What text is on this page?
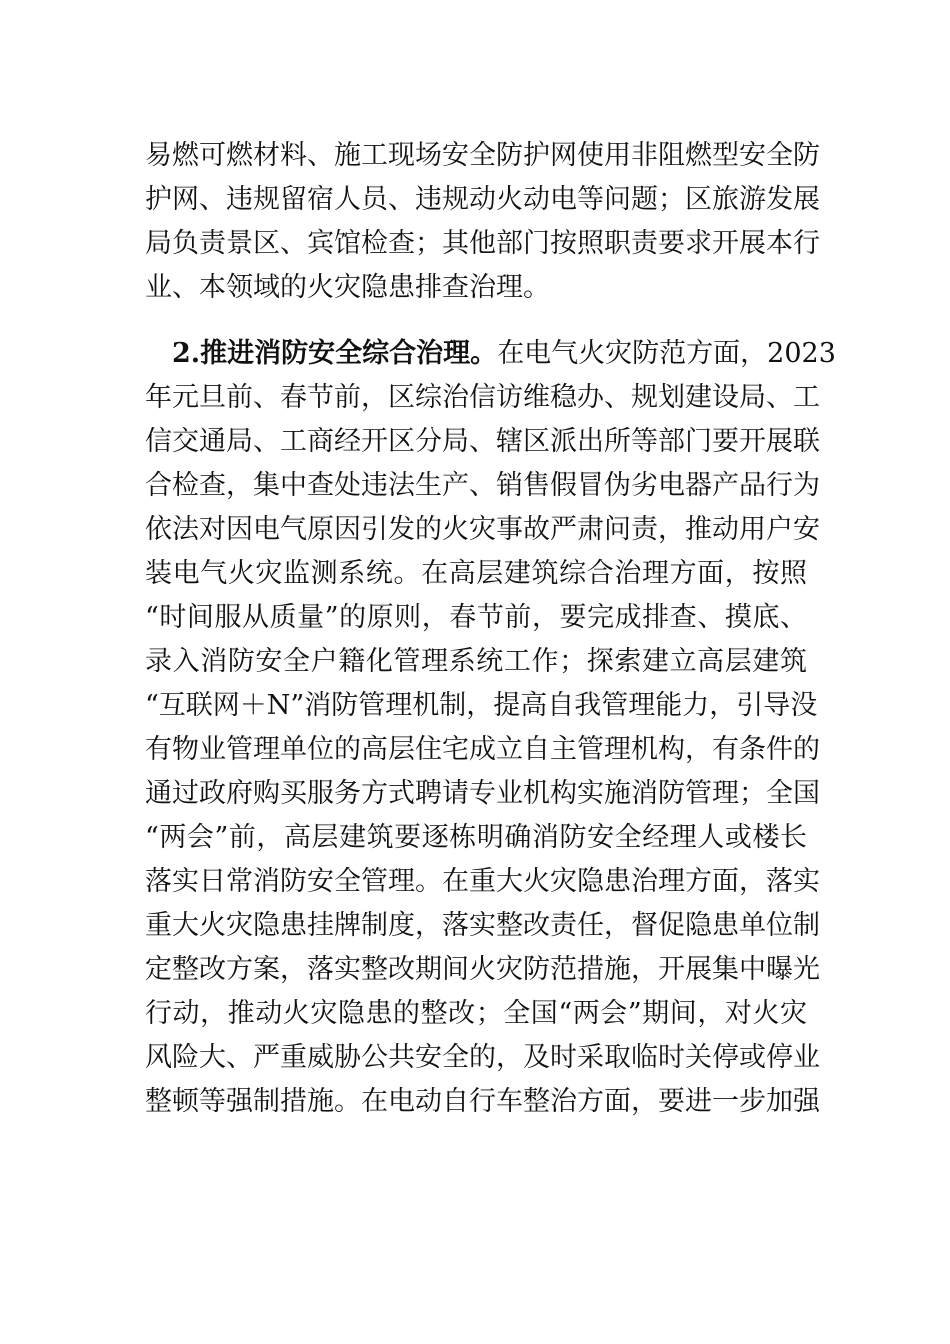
易燃可燃材料、施工现场安全防护网使用非阻燃型安全防
护网、违规留宿人员、违规动火动电等问题；区旅游发展
局负责景区、宾馆检查；其他部门按照职责要求开展本行
业、本领域的火灾隐患排查治理。
2.推进消防安全综合治理。在电气火灾防范方面，2023
年元旦前、春节前，区综治信访维稳办、规划建设局、工
信交通局、工商经开区分局、辖区派出所等部门要开展联
合检查，集中查处违法生产、销售假冒伪劣电器产品行为
依法对因电气原因引发的火灾事故严肃问责，推动用户安
装电气火灾监测系统。在高层建筑综合治理方面，按照
“时间服从质量”的原则，春节前，要完成排查、摸底、
录入消防安全户籍化管理系统工作；探索建立高层建筑
“互联网＋N”消防管理机制，提高自我管理能力，引导没
有物业管理单位的高层住宅成立自主管理机构，有条件的
通过政府购买服务方式聘请专业机构实施消防管理；全国
“两会”前，高层建筑要逐栋明确消防安全经理人或楼长
落实日常消防安全管理。在重大火灾隐患治理方面，落实
重大火灾隐患挂牌制度，落实整改责任，督促隐患单位制
定整改方案，落实整改期间火灾防范措施，开展集中曝光
行动，推动火灾隐患的整改；全国“两会”期间，对火灾
风险大、严重威胁公共安全的，及时采取临时关停或停业
整顿等强制措施。在电动自行车整治方面，要进一步加强
